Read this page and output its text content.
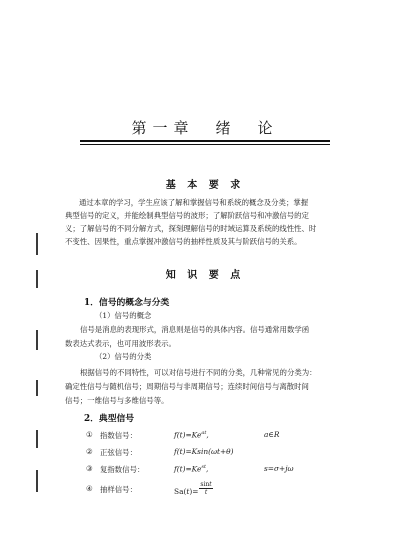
第一章　绪　论
基 本 要 求

通过本章的学习，学生应该了解和掌握信号和系统的概念及分类；掌握

典型信号的定义，并能绘制典型信号的波形；了解阶跃信号和冲激信号的定

义；了解信号的不同分解方式，探刻理解信号的时域运算及系统的线性性、时

不变性、因果性，重点掌握冲激信号的抽样性质及其与阶跃信号的关系。

知 识 要 点
1．信号的概念与分类
（1）信号的概念
信号是消息的表现形式，消息则是信号的具体内容。信号通常用数学函
数表达式表示，也可用波形表示。
（2）信号的分类
根据信号的不同特性，可以对信号进行不同的分类，几种常见的分类为：
确定性信号与随机信号；周期信号与非周期信号；连续时间信号与离散时间
信号；一维信号与多维信号等。
2．典型信号
① 指数信号：	$f(t)=Ke^{at}$,	a∈R
② 正弦信号：	f(t)=Ksin(ωt+θ)
③ 复指数信号：	$f(t)=Ke^{st}$,	s=σ+jω
④ 抽样信号：	$Sa(t)= \frac{\sin t}{t}$
